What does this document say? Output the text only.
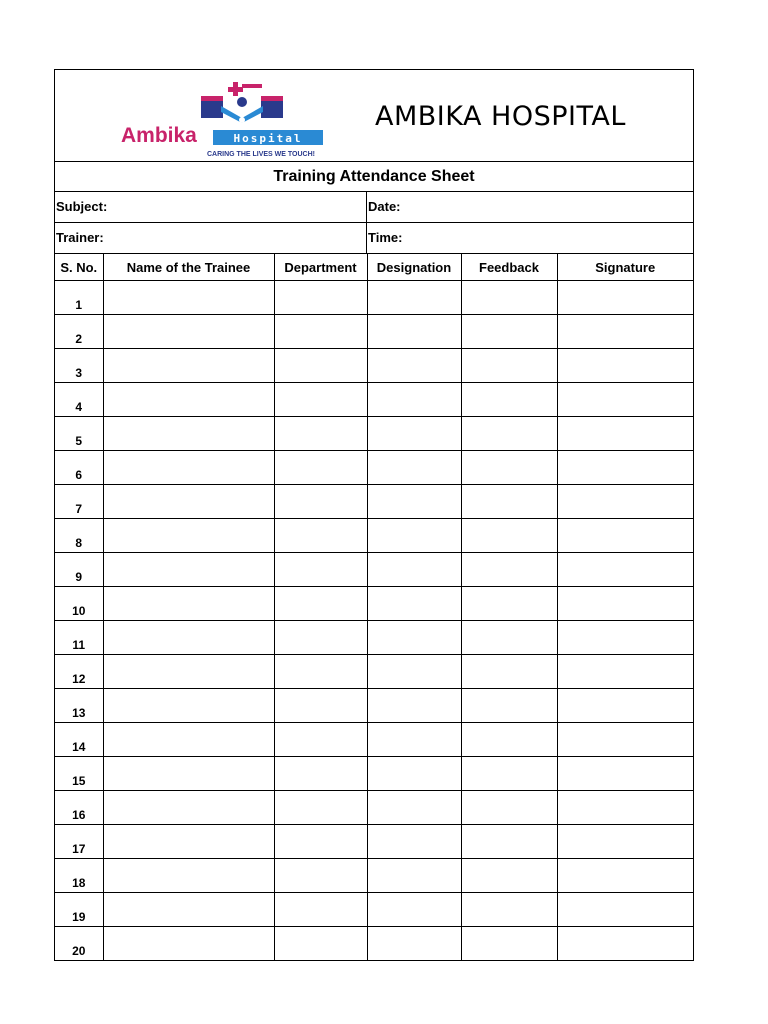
Ambika	Hospital
CARING THE LIVES WE TOUCH!
AMBIKA HOSPITAL
Training Attendance Sheet
Subject:	Date:
Trainer:	Time:
S. No.	Name of the Trainee	Department	Designation	Feedback	Signature
1					
2					
3					
4					
5					
6					
7					
8					
9					
10					
11					
12					
13					
14					
15					
16					
17					
18					
19					
20					
